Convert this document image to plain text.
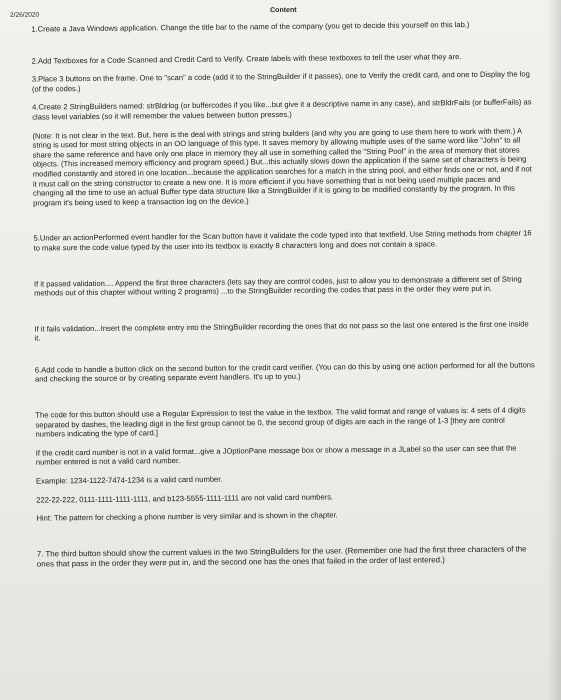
2/26/2020
Content

1.Create a Java Windows application. Change the title bar to the name of the company (you get to decide this yourself on this lab.)

2.Add Textboxes for a Code Scanned and Credit Card to Verify. Create labels with these textboxes to tell the user what they are.

3.Place 3 buttons on the frame. One to "scan" a code (add it to the StringBuilder if it passes), one to Verify the credit card, and one to Display the log (of the codes.)

4.Create 2 StringBuilders named: strBldrlog (or buffercodes if you like...but give it a descriptive name in any case), and strBldrFails (or bufferFails) as class level variables (so it will remember the values between button presses.)

(Note: It is not clear in the text. But, here is the deal with strings and string builders (and why you are going to use them here to work with them.) A string is used for most string objects in an OO language of this type. It saves memory by allowing multiple uses of the same word like "John" to all share the same reference and have only one place in memory they all use in something called the "String Pool" in the area of memory that stores objects. (This increased memory efficiency and program speed.) But...this actually slows down the application if the same set of characters is being modified constantly and stored in one location...because the application searches for a match in the string pool, and either finds one or not, and if not it must call on the string constructor to create a new one. It is more efficient if you have something that is not being used multiple paces and changing all the time to use an actual Buffer type data structure like a StringBuilder if it is going to be modified constantly by the program. In this program it's being used to keep a transaction log on the device.)

5.Under an actionPerformed event handler for the Scan button have it validate the code typed into that textfield. Use String methods from chapter 16 to make sure the code value typed by the user into its textbox is exactly 8 characters long and does not contain a space.

If it passed validation.... Append the first three characters (lets say they are control codes, just to allow you to demonstrate a different set of String methods out of this chapter without writing 2 programs) ...to the StringBuilder recording the codes that pass in the order they were put in.

If it fails validation...Insert the complete entry into the StringBuilder recording the ones that do not pass so the last one entered is the first one inside it.

6.Add code to handle a button click on the second button for the credit card verifier. (You can do this by using one action performed for all the buttons and checking the source or by creating separate event handlers. It's up to you.)

The code for this button should use a Regular Expression to test the value in the textbox. The valid format and range of values is: 4 sets of 4 digits separated by dashes, the leading digit in the first group cannot be 0, the second group of digits are each in the range of 1-3 [they are control numbers indicating the type of card.]

If the credit card number is not in a valid format...give a JOptionPane message box or show a message in a JLabel so the user can see that the number entered is not a valid card number.

Example: 1234-1122-7474-1234 is a valid card number.

222-22-222, 0111-1111-1111-1111, and b123-5555-1111-1111 are not valid card numbers.

Hint: The pattern for checking a phone number is very similar and is shown in the chapter.

7. The third button should show the current values in the two StringBuilders for the user. (Remember one had the first three characters of the ones that pass in the order they were put in, and the second one has the ones that failed in the order of last entered.)
